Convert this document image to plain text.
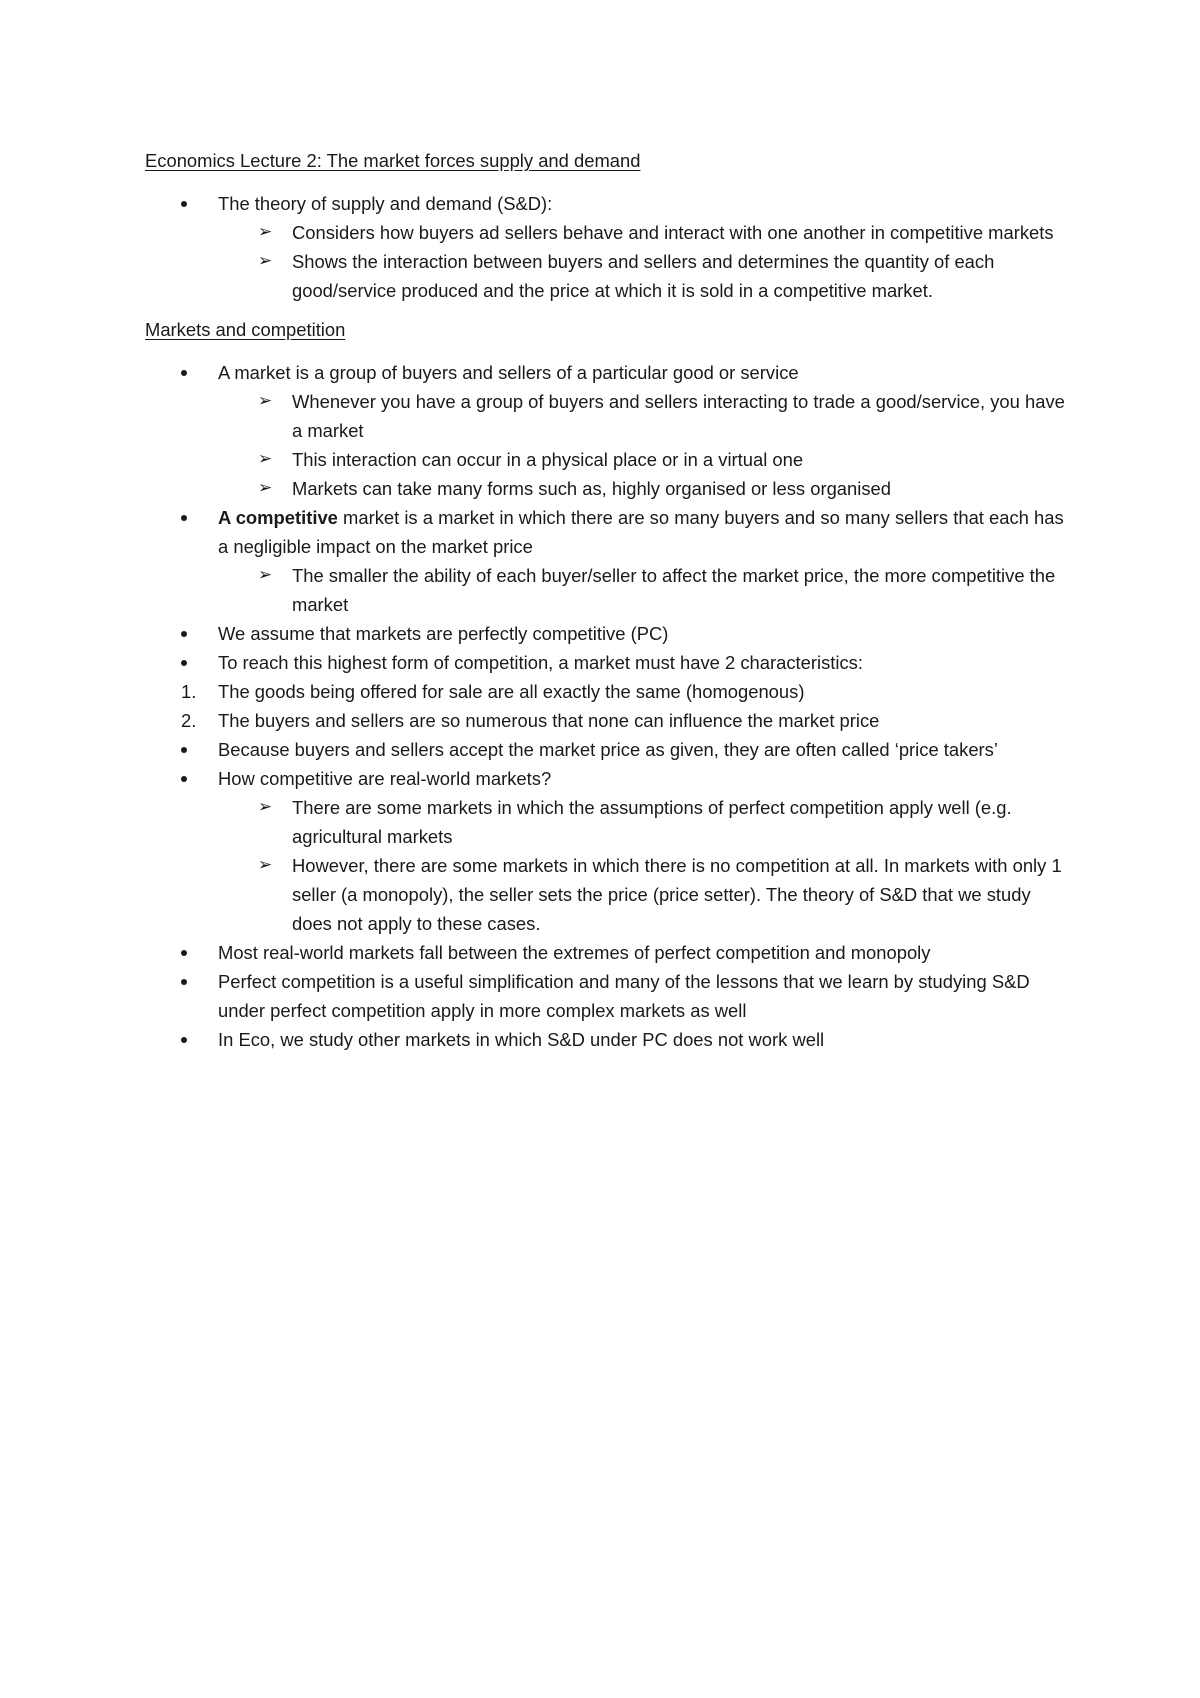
Economics Lecture 2: The market forces supply and demand

The theory of supply and demand (S&D):
➢ Considers how buyers ad sellers behave and interact with one another in competitive markets
➢ Shows the interaction between buyers and sellers and determines the quantity of each good/service produced and the price at which it is sold in a competitive market.

Markets and competition

A market is a group of buyers and sellers of a particular good or service
➢ Whenever you have a group of buyers and sellers interacting to trade a good/service, you have a market
➢ This interaction can occur in a physical place or in a virtual one
➢ Markets can take many forms such as, highly organised or less organised
A competitive market is a market in which there are so many buyers and so many sellers that each has a negligible impact on the market price
➢ The smaller the ability of each buyer/seller to affect the market price, the more competitive the market
We assume that markets are perfectly competitive (PC)
To reach this highest form of competition, a market must have 2 characteristics:
1. The goods being offered for sale are all exactly the same (homogenous)
2. The buyers and sellers are so numerous that none can influence the market price
Because buyers and sellers accept the market price as given, they are often called ‘price takers’
How competitive are real-world markets?
➢ There are some markets in which the assumptions of perfect competition apply well (e.g. agricultural markets
➢ However, there are some markets in which there is no competition at all. In markets with only 1 seller (a monopoly), the seller sets the price (price setter). The theory of S&D that we study does not apply to these cases.
Most real-world markets fall between the extremes of perfect competition and monopoly
Perfect competition is a useful simplification and many of the lessons that we learn by studying S&D under perfect competition apply in more complex markets as well
In Eco, we study other markets in which S&D under PC does not work well
